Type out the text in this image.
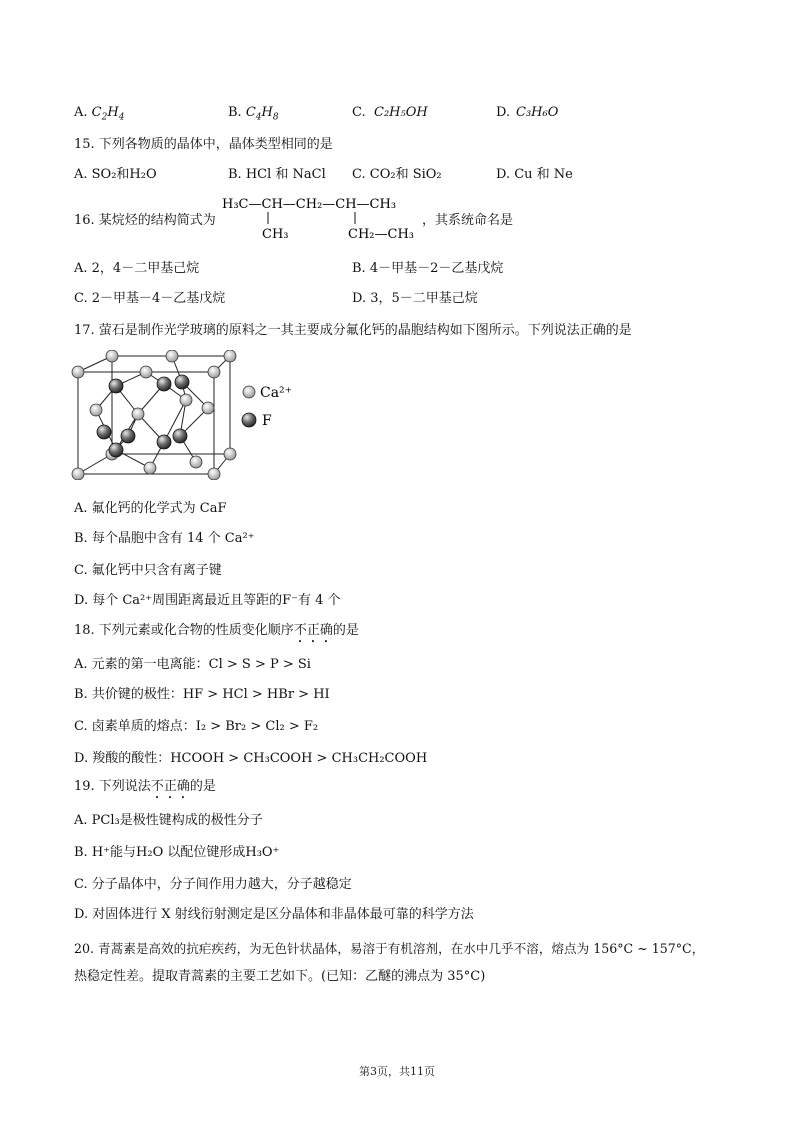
A. $C_2H_4$	B. $C_4H_8$	C. C₂H₅OH	D. C₃H₆O
15. 下列各物质的晶体中，晶体类型相同的是
A. SO₂和H₂O	B. HCl 和 NaCl C. CO₂和 SiO₂	D. Cu 和 Ne
16. 某烷烃的结构简式为
H₃C—CH—CH₂—CH—CH₃
CH₃	CH₂—CH₃
，其系统命名是
A. 2，4－二甲基己烷	B. 4－甲基－2－乙基戊烷
C. 2－甲基－4－乙基戊烷	D. 3，5－二甲基己烷
17. 萤石是制作光学玻璃的原料之一其主要成分氟化钙的晶胞结构如下图所示。下列说法正确的是
Ca²⁺
F
A. 氟化钙的化学式为 CaF
B. 每个晶胞中含有 14 个 Ca²⁺
C. 氟化钙中只含有离子键
D. 每个 Ca²⁺周围距离最近且等距的F⁻有 4 个
18. 下列元素或化合物的性质变化顺序不正确的是
A. 元素的第一电离能：Cl > S > P > Si
B. 共价键的极性：HF > HCl > HBr > HI
C. 卤素单质的熔点：I₂ > Br₂ > Cl₂ > F₂
D. 羧酸的酸性：HCOOH > CH₃COOH > CH₃CH₂COOH
19. 下列说法不正确的是
A. PCl₃是极性键构成的极性分子
B. H⁺能与H₂O 以配位键形成H₃O⁺
C. 分子晶体中，分子间作用力越大，分子越稳定
D. 对固体进行 X 射线衍射测定是区分晶体和非晶体最可靠的科学方法
20. 青蒿素是高效的抗疟疾药，为无色针状晶体，易溶于有机溶剂，在水中几乎不溶，熔点为 156°C ~ 157°C，
热稳定性差。提取青蒿素的主要工艺如下。(已知：乙醚的沸点为 35°C)
第3页，共11页
